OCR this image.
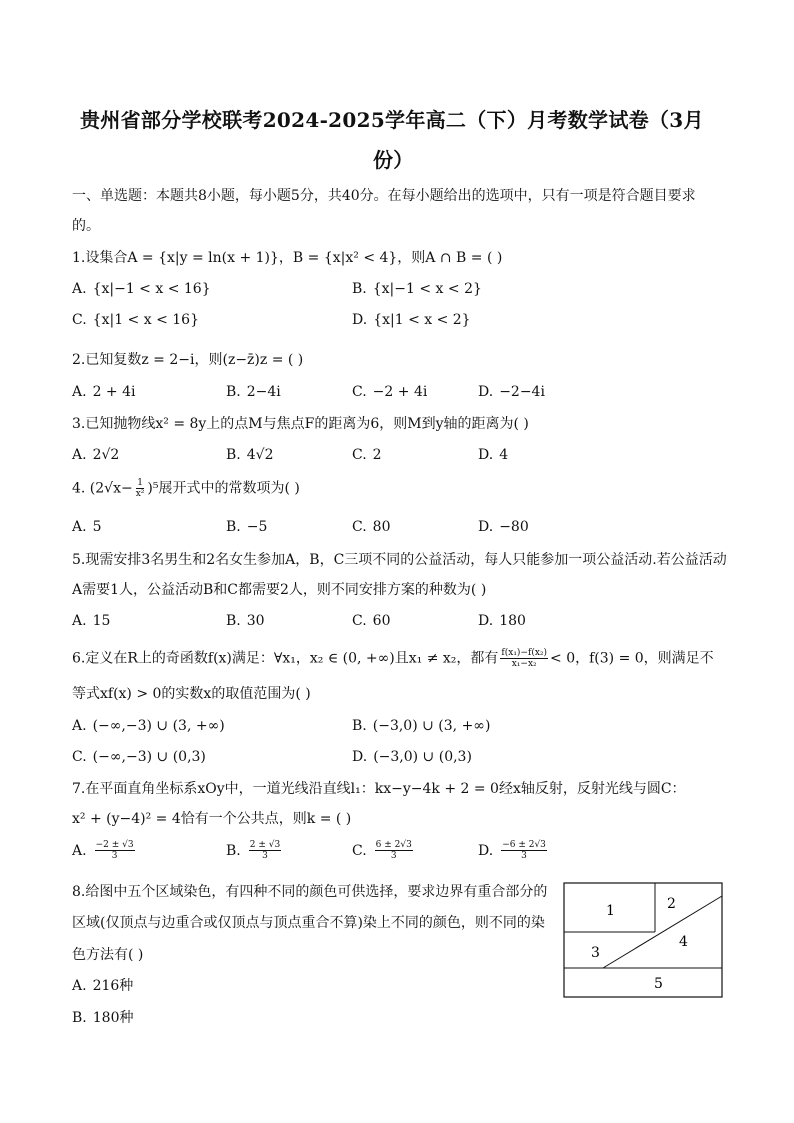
贵州省部分学校联考2024-2025学年高二（下）月考数学试卷（3月
份）
一、单选题：本题共8小题，每小题5分，共40分。在每小题给出的选项中，只有一项是符合题目要求
的。
1.设集合A = {x|y = ln(x + 1)}，B = {x|x² < 4}，则A ∩ B = ( )
A. {x|−1 < x < 16}	B. {x|−1 < x < 2}
C. {x|1 < x < 16}	D. {x|1 < x < 2}
2.已知复数z = 2−i，则(z−z̄)z = ( )
A. 2 + 4i	B. 2−4i	C. −2 + 4i	D. −2−4i
3.已知抛物线x² = 8y上的点M与焦点F的距离为6，则M到y轴的距离为( )
A. 2√2	B. 4√2	C. 2	D. 4
4. $(2√x- \frac{1}{\text{x²}} )^5$展开式中的常数项为( )
A. 5	B. −5	C. 80	D. −80
5.现需安排3名男生和2名女生参加A，B，C三项不同的公益活动，每人只能参加一项公益活动.若公益活动
A需要1人，公益活动B和C都需要2人，则不同安排方案的种数为( )
A. 15	B. 30	C. 60	D. 180
6.定义在R上的奇函数f(x)满足：∀x₁，x₂ ∈ (0, +∞)且x₁ ≠ x₂，都有 $\frac{\text{f(x₁)−f(x₂)}}{\text{x₁−x₂}} < 0$，f(3) = 0，则满足不
等式xf(x) > 0的实数x的取值范围为( )
A. (−∞,−3) ∪ (3, +∞)	B. (−3,0) ∪ (3, +∞)
C. (−∞,−3) ∪ (0,3)	D. (−3,0) ∪ (0,3)
7.在平面直角坐标系xOy中，一道光线沿直线l₁：kx−y−4k + 2 = 0经x轴反射，反射光线与圆C：
x² + (y−4)² = 4恰有一个公共点，则k = ( )
A. $\frac{-2 \pm √3}{3}$	B. $\frac{2 \pm √3}{3}$	C. $\frac{6 \pm 2√3}{3}$	D. $\frac{-6 \pm 2√3}{3}$
8.给图中五个区域染色，有四种不同的颜色可供选择，要求边界有重合部分的
区域(仅顶点与边重合或仅顶点与顶点重合不算)染上不同的颜色，则不同的染
色方法有( )
A. 216种
B. 180种
1	2
3
4
5
